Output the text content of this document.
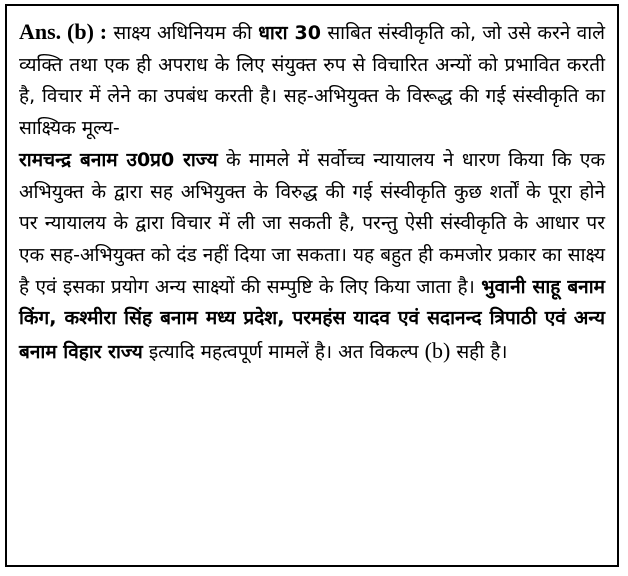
Ans. (b) : साक्ष्य अधिनियम की धारा 30 साबित संस्वीकृति को, जो उसे करने वाले व्यक्ति तथा एक ही अपराध के लिए संयुक्त रुप से विचारित अन्यों को प्रभावित करती है, विचार में लेने का उपबंध करती है। सह-अभियुक्त के विरूद्ध की गई संस्वीकृति का साक्ष्यिक मूल्य-

रामचन्द्र बनाम उ0प्र0 राज्य के मामले में सर्वोच्च न्यायालय ने धारण किया कि एक अभियुक्त के द्वारा सह अभियुक्त के विरुद्ध की गई संस्वीकृति कुछ शर्तों के पूरा होने पर न्यायालय के द्वारा विचार में ली जा सकती है, परन्तु ऐसी संस्वीकृति के आधार पर एक सह-अभियुक्त को दंड नहीं दिया जा सकता। यह बहुत ही कमजोर प्रकार का साक्ष्य है एवं इसका प्रयोग अन्य साक्ष्यों की सम्पुष्टि के लिए किया जाता है। भुवानी साहू बनाम किंग, कश्मीरा सिंह बनाम मध्य प्रदेश, परमहंस यादव एवं सदानन्द त्रिपाठी एवं अन्य बनाम विहार राज्य इत्यादि महत्वपूर्ण मामलें है। अत विकल्प (b) सही है।
